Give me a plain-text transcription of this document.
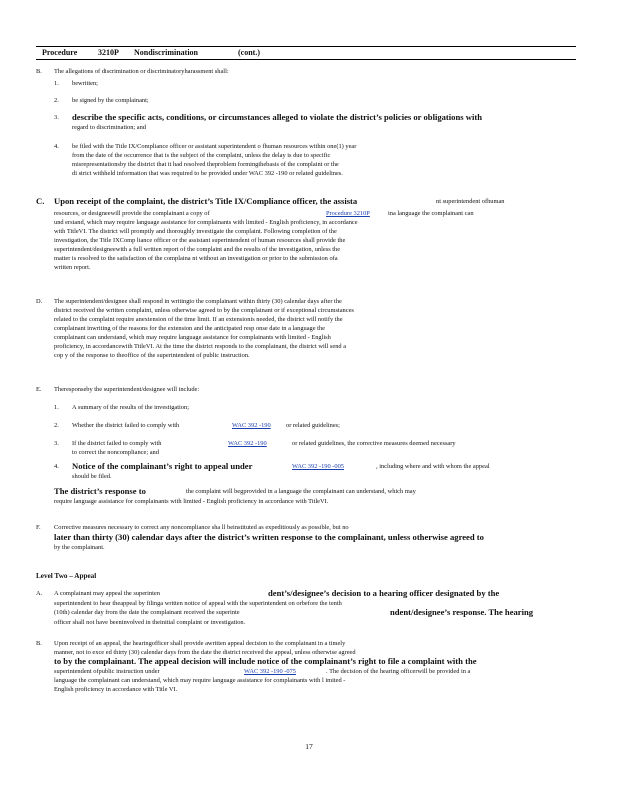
Procedure	3210P Nondiscrimination	(cont.)
B. The allegations of discrimination or discriminatoryharassment shall:
1. bewritten;
2. be signed by the complainant;
3. describe the specific acts, conditions, or circumstances alleged to violate the district’s policies or obligations with
regard to discrimination; and
4. be filed with the Title IX/Compliance officer or assistant superintendent o fhuman resources within one(1) year
from the date of the occurrence that is the subject of the complaint, unless the delay is due to specific
misrepresentationsby the district that it had resolved theproblem formingthebasis of the complaint or the
di strict withheld information that was required to be provided under WAC 392 -190 or related guidelines.
C. Upon receipt of the complaint, the district’s Title IX/Compliance officer, the assista	nt superintendent ofhuman
resources, or designeewill provide the complainant a copy of	Procedure 3210P	ina language the complainant can
und erstand, which may require language assistance for complainants with limited - English proficiency, in accordance
with TitleVI. The district will promptly and thoroughly investigate the complaint. Following completion of the
investigation, the Title IXComp liance officer or the assistant superintendent of human resources shall provide the
superintendent/designeewith a full written report of the complaint and the results of the investigation, unless the
matter is resolved to the satisfaction of the complaina nt without an investigation or prior to the submission ofa
written report.
D. The superintendent/designee shall respond in writingto the complainant within thirty (30) calendar days after the
district received the written complaint, unless otherwise agreed to by the complainant or if exceptional circumstances
related to the complaint require anextension of the time limit. If an extensionis needed, the district will notify the
complainant inwriting of the reasons for the extension and the anticipated resp onse date in a language the
complainant can understand, which may require language assistance for complainants with limited - English
proficiency, in accordancewith TitleVI. At the time the district responds to the complainant, the district will send a
cop y of the response to theoffice of the superintendent of public instruction.
E. Theresponseby the superintendent/designee will include:
1. A summary of the results of the investigation;
2. Whether the district failed to comply with	WAC 392 -190 or related guidelines;
3. If the district failed to comply with	WAC 392 -190	or related guidelines, the corrective measures deemed necessary
to correct the noncompliance; and
4. Notice of the complainant’s right to appeal under	WAC 392 -190 -005	, including where and with whom the appeal
should be filed.
The district’s response to	the complaint will begprovided in a language the complainant can understand, which may
require language assistance for complainants with limited - English proficiency in accordance with TitleVI.
F. Corrective measures necessary to correct any noncompliance sha ll beinstituted as expeditiously as possible, but no
later than thirty (30) calendar days after the district’s written response to the complainant, unless otherwise agreed to
by the complainant.
Level Two – Appeal
A. A complainant may appeal the superinten	dent’s/designee’s decision to a hearing officer designated by the
superintendent to hear theappeal by filinga written notice of appeal with the superintendent on orbefore the tenth
(10th) calendar day from the date the complainant received the superinte	ndent/designee’s response. The hearing
officer shall not have beeninvolved in theinitial complaint or investigation.
B. Upon receipt of an appeal, the hearingofficer shall provide awritten appeal decision to the complainant in a timely
manner, not to exce ed thirty (30) calendar days from the date the district received the appeal, unless otherwise agreed
to by the complainant. The appeal decision will include notice of the complainant’s right to file a complaint with the
superintendent ofpublic instruction under	WAC 392 -190 -075	. The decision of the hearing officerwill be provided in a
language the complainant can understand, which may require language assistance for complainants with l imited -
English proficiency in accordance with Title VI.
17
